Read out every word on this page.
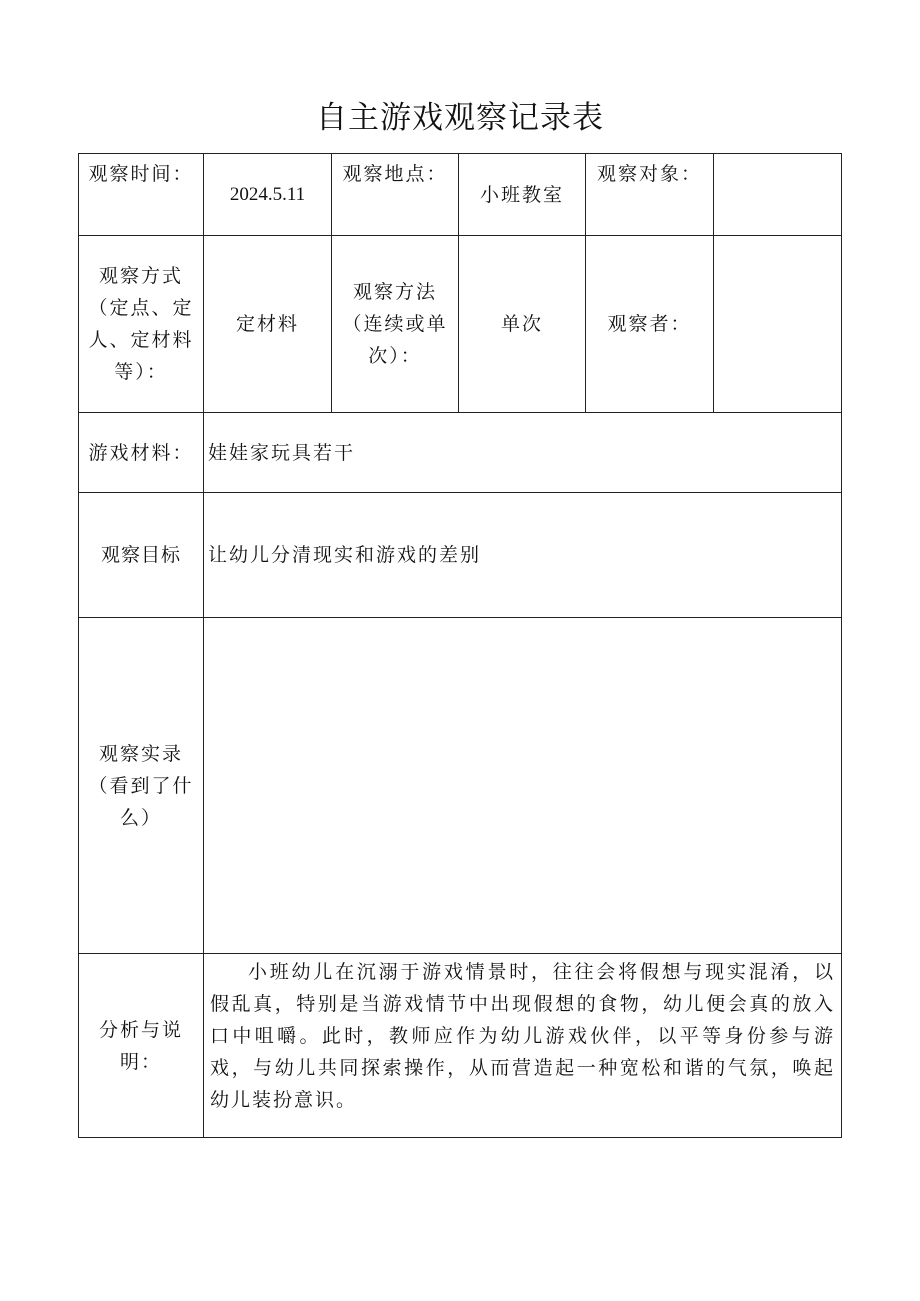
自主游戏观察记录表
观察时间：	2024.5.11	观察地点：	小班教室	观察对象：	
观察方式（定点、定人、定材料等）：	定材料	观察方法（连续或单次）：	单次	观察者：	
游戏材料：	娃娃家玩具若干				
观察目标	让幼儿分清现实和游戏的差别				
观察实录（看到了什么）					
分析与说明：	小班幼儿在沉溺于游戏情景时，往往会将假想与现实混淆，以假乱真，特别是当游戏情节中出现假想的食物，幼儿便会真的放入口中咀嚼。此时，教师应作为幼儿游戏伙伴，以平等身份参与游戏，与幼儿共同探索操作，从而营造起一种宽松和谐的气氛，唤起幼儿装扮意识。				
